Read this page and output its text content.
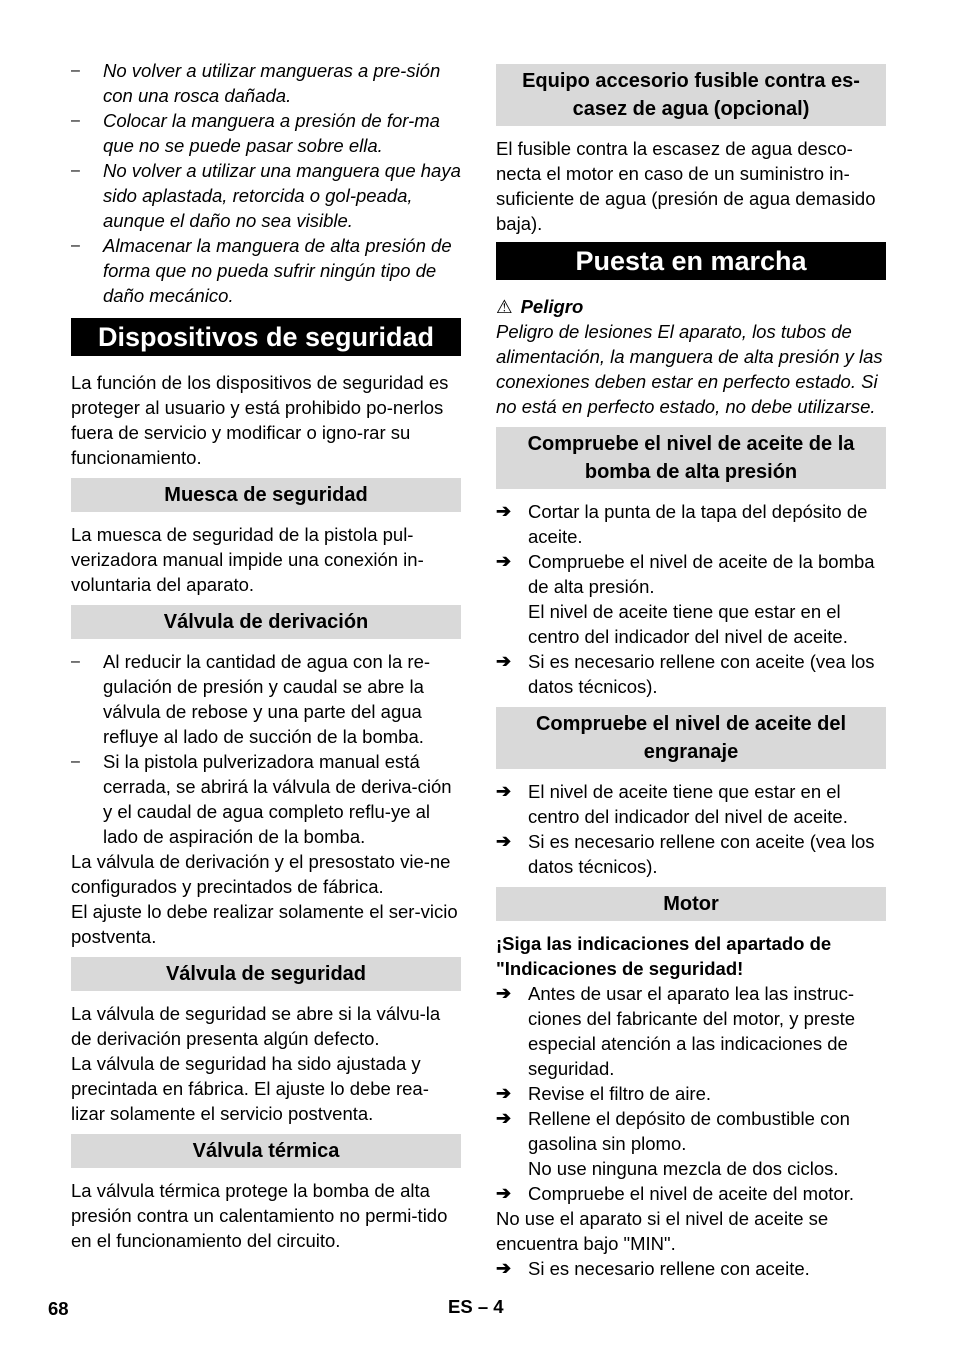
– No volver a utilizar mangueras a pre-sión con una rosca dañada.

– Colocar la manguera a presión de for-ma que no se puede pasar sobre ella.

– No volver a utilizar una manguera que haya sido aplastada, retorcida o gol-peada, aunque el daño no sea visible.

– Almacenar la manguera de alta presión de forma que no pueda sufrir ningún tipo de daño mecánico.

Dispositivos de seguridad

La función de los dispositivos de seguridad es proteger al usuario y está prohibido po-nerlos fuera de servicio y modificar o igno-rar su funcionamiento.

Muesca de seguridad

La muesca de seguridad de la pistola pul-verizadora manual impide una conexión in-voluntaria del aparato.

Válvula de derivación

– Al reducir la cantidad de agua con la re-gulación de presión y caudal se abre la válvula de rebose y una parte del agua refluye al lado de succión de la bomba.

– Si la pistola pulverizadora manual está cerrada, se abrirá la válvula de deriva-ción y el caudal de agua completo reflu-ye al lado de aspiración de la bomba.

La válvula de derivación y el presostato vie-ne configurados y precintados de fábrica.

El ajuste lo debe realizar solamente el ser-vicio postventa.

Válvula de seguridad

La válvula de seguridad se abre si la válvu-la de derivación presenta algún defecto.

La válvula de seguridad ha sido ajustada y precintada en fábrica. El ajuste lo debe rea-lizar solamente el servicio postventa.

Válvula térmica

La válvula térmica protege la bomba de alta presión contra un calentamiento no permi-tido en el funcionamiento del circuito.

Equipo accesorio fusible contra es-casez de agua (opcional)

El fusible contra la escasez de agua desco-necta el motor en caso de un suministro in-suficiente de agua (presión de agua demasido baja).

Puesta en marcha
⚠ Peligro

Peligro de lesiones El aparato, los tubos de alimentación, la manguera de alta presión y las conexiones deben estar en perfecto estado. Si no está en perfecto estado, no debe utilizarse.

Compruebe el nivel de aceite de la bomba de alta presión

➔ Cortar la punta de la tapa del depósito de aceite.

➔ Compruebe el nivel de aceite de la bomba de alta presión.

El nivel de aceite tiene que estar en el centro del indicador del nivel de aceite.

➔ Si es necesario rellene con aceite (vea los datos técnicos).

Compruebe el nivel de aceite del engranaje

➔ El nivel de aceite tiene que estar en el centro del indicador del nivel de aceite.

➔ Si es necesario rellene con aceite (vea los datos técnicos).

Motor

¡Siga las indicaciones del apartado de "Indicaciones de seguridad!

➔ Antes de usar el aparato lea las instruc-ciones del fabricante del motor, y preste especial atención a las indicaciones de seguridad.

➔ Revise el filtro de aire.

➔ Rellene el depósito de combustible con gasolina sin plomo.

No use ninguna mezcla de dos ciclos.

➔ Compruebe el nivel de aceite del motor.

No use el aparato si el nivel de aceite se encuentra bajo "MIN".

➔ Si es necesario rellene con aceite.

68	ES – 4
